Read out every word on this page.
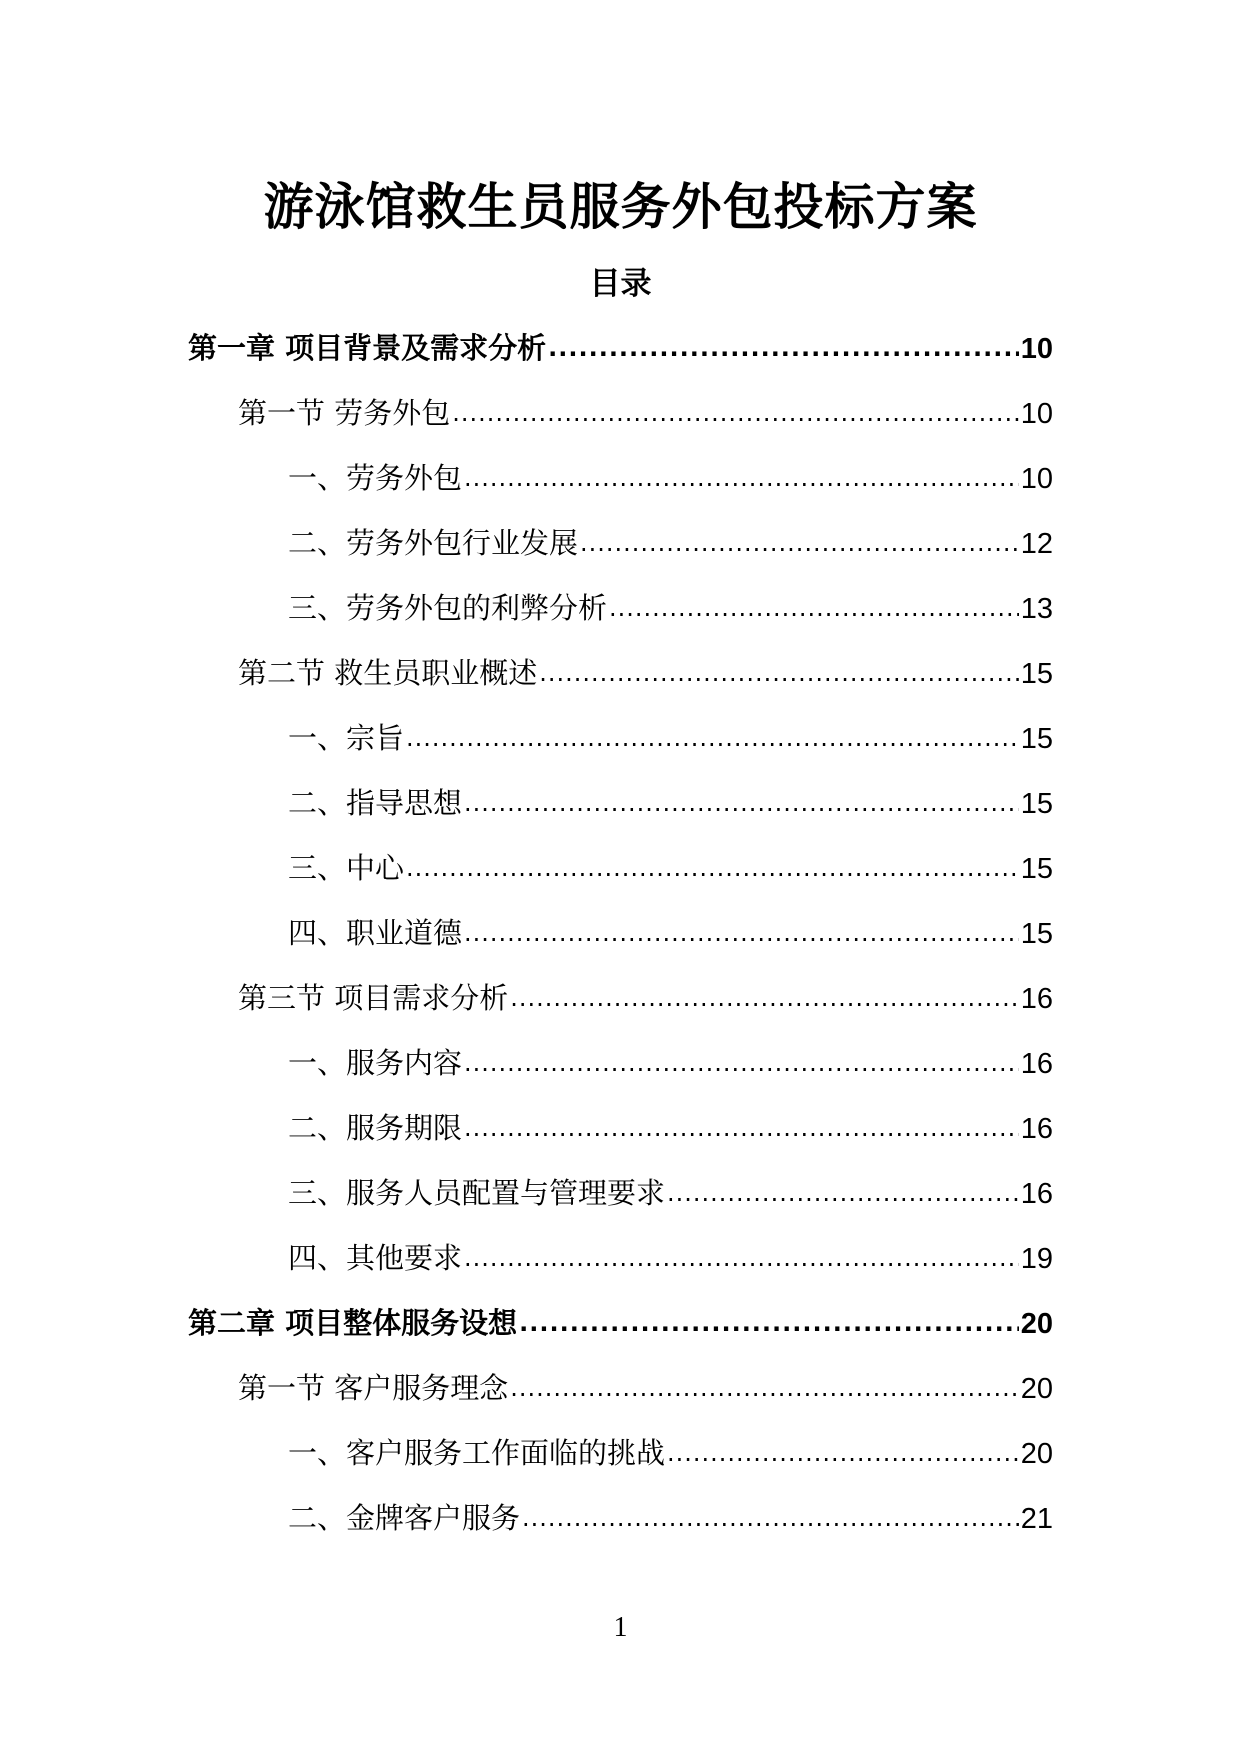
游泳馆救生员服务外包投标方案
目录
第一章 项目背景及需求分析 .....	10
第一节 劳务外包 .....	10
一、劳务外包 .....	10
二、劳务外包行业发展 .....	12
三、劳务外包的利弊分析 .....	13
第二节 救生员职业概述 .....	15
一、宗旨 .....	15
二、指导思想 .....	15
三、中心 .....	15
四、职业道德 .....	15
第三节 项目需求分析 .....	16
一、服务内容 .....	16
二、服务期限 .....	16
三、服务人员配置与管理要求 .....	16
四、其他要求 .....	19
第二章 项目整体服务设想 .....	20
第一节 客户服务理念 .....	20
一、客户服务工作面临的挑战 .....	20
二、金牌客户服务 .....	21
1
